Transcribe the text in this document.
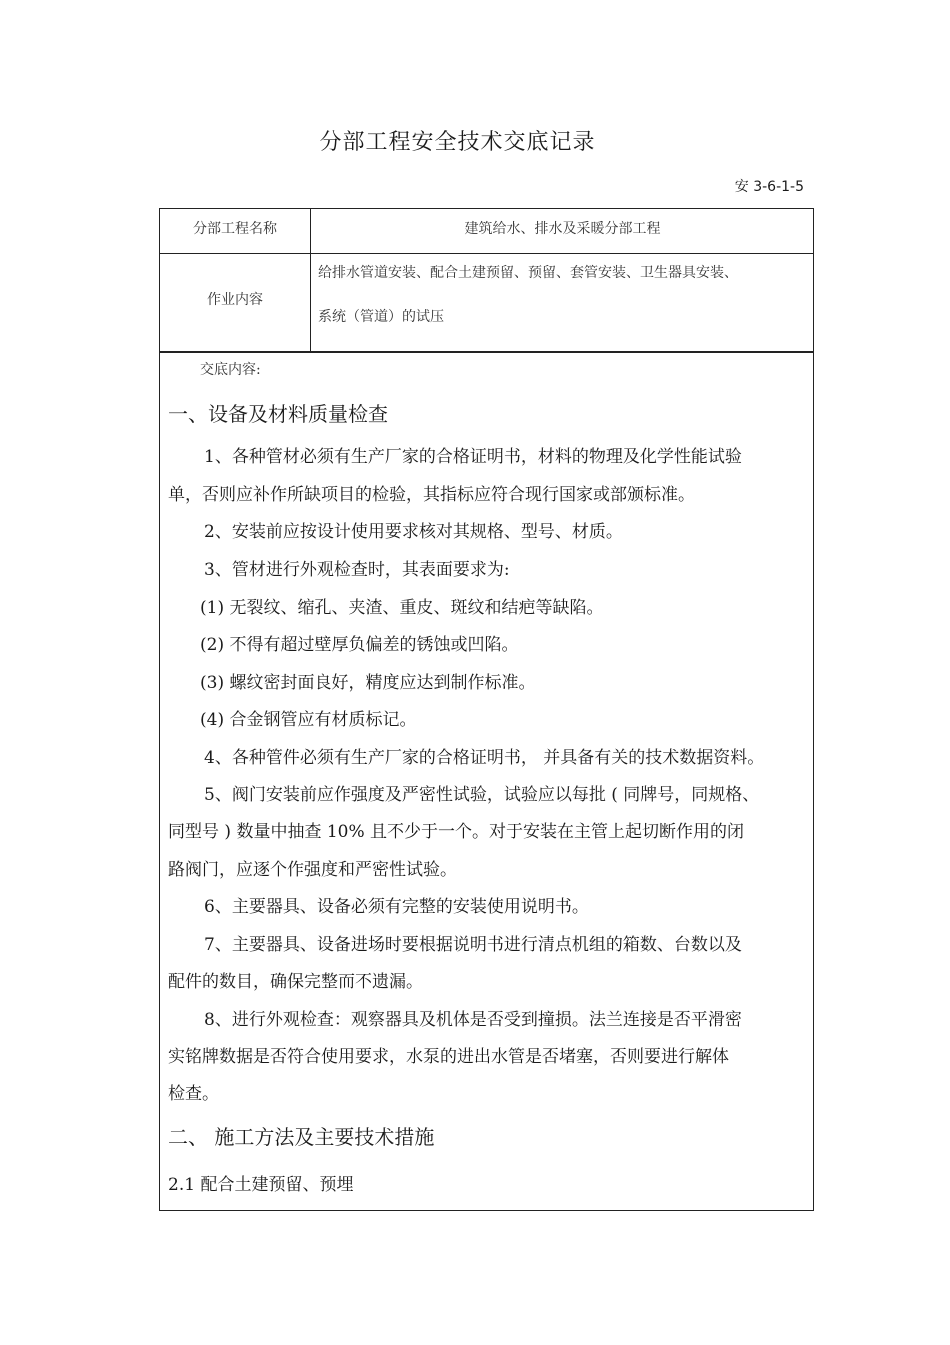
分部工程安全技术交底记录
安 3-6-1-5
分部工程名称	建筑给水、排水及采暖分部工程
作业内容
给排水管道安装、配合土建预留、预留、套管安装、卫生器具安装、
系统（管道）的试压
交底内容:
一、设备及材料质量检查
1、各种管材必须有生产厂家的合格证明书，材料的物理及化学性能试验
单，否则应补作所缺项目的检验，其指标应符合现行国家或部颁标准。
2、安装前应按设计使用要求核对其规格、型号、材质。
3、管材进行外观检查时，其表面要求为:
(1) 无裂纹、缩孔、夹渣、重皮、斑纹和结疤等缺陷。
(2) 不得有超过壁厚负偏差的锈蚀或凹陷。
(3) 螺纹密封面良好，精度应达到制作标准。
(4) 合金钢管应有材质标记。
4、各种管件必须有生产厂家的合格证明书， 并具备有关的技术数据资料。
5、阀门安装前应作强度及严密性试验，试验应以每批 ( 同牌号，同规格、
同型号 ) 数量中抽查 10% 且不少于一个。对于安装在主管上起切断作用的闭
路阀门，应逐个作强度和严密性试验。
6、主要器具、设备必须有完整的安装使用说明书。
7、主要器具、设备进场时要根据说明书进行清点机组的箱数、台数以及
配件的数目，确保完整而不遗漏。
8、进行外观检查：观察器具及机体是否受到撞损。法兰连接是否平滑密
实铭牌数据是否符合使用要求，水泵的进出水管是否堵塞，否则要进行解体
检查。
二、 施工方法及主要技术措施
2.1 配合土建预留、预埋
